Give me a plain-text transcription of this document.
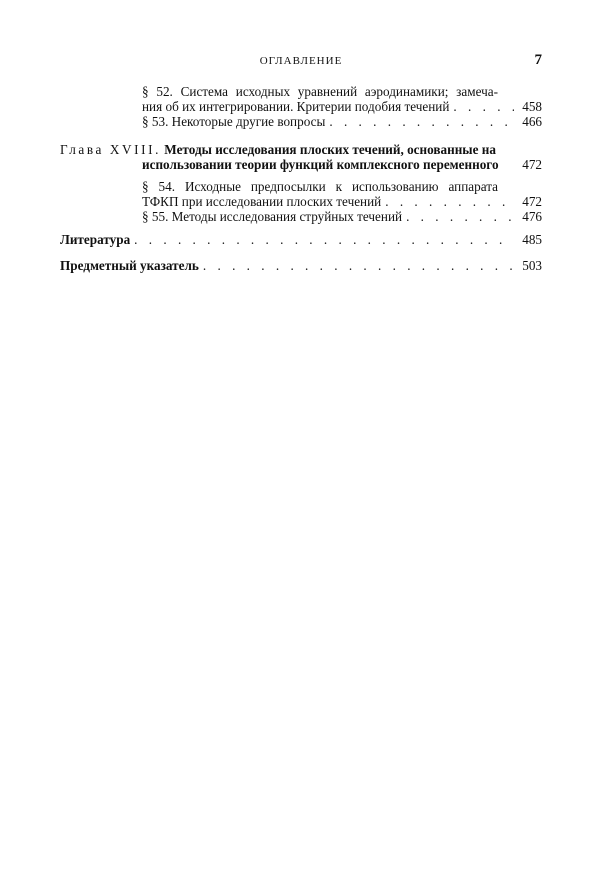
ОГЛАВЛЕНИЕ	7
§ 52. Система исходных уравнений аэродинамики; замеча-
ния об их интегрировании. Критерии подобия течений . . .	458
§ 53. Некоторые другие вопросы . . .	466
Глава XVIII. Методы исследования плоских течений, основанные на
использовании теории функций комплексного переменного	472
§ 54. Исходные предпосылки к использованию аппарата
ТФКП при исследовании плоских течений . . .	472
§ 55. Методы исследования струйных течений . . .	476
Литература . . .	485
Предметный указатель . . .	503
